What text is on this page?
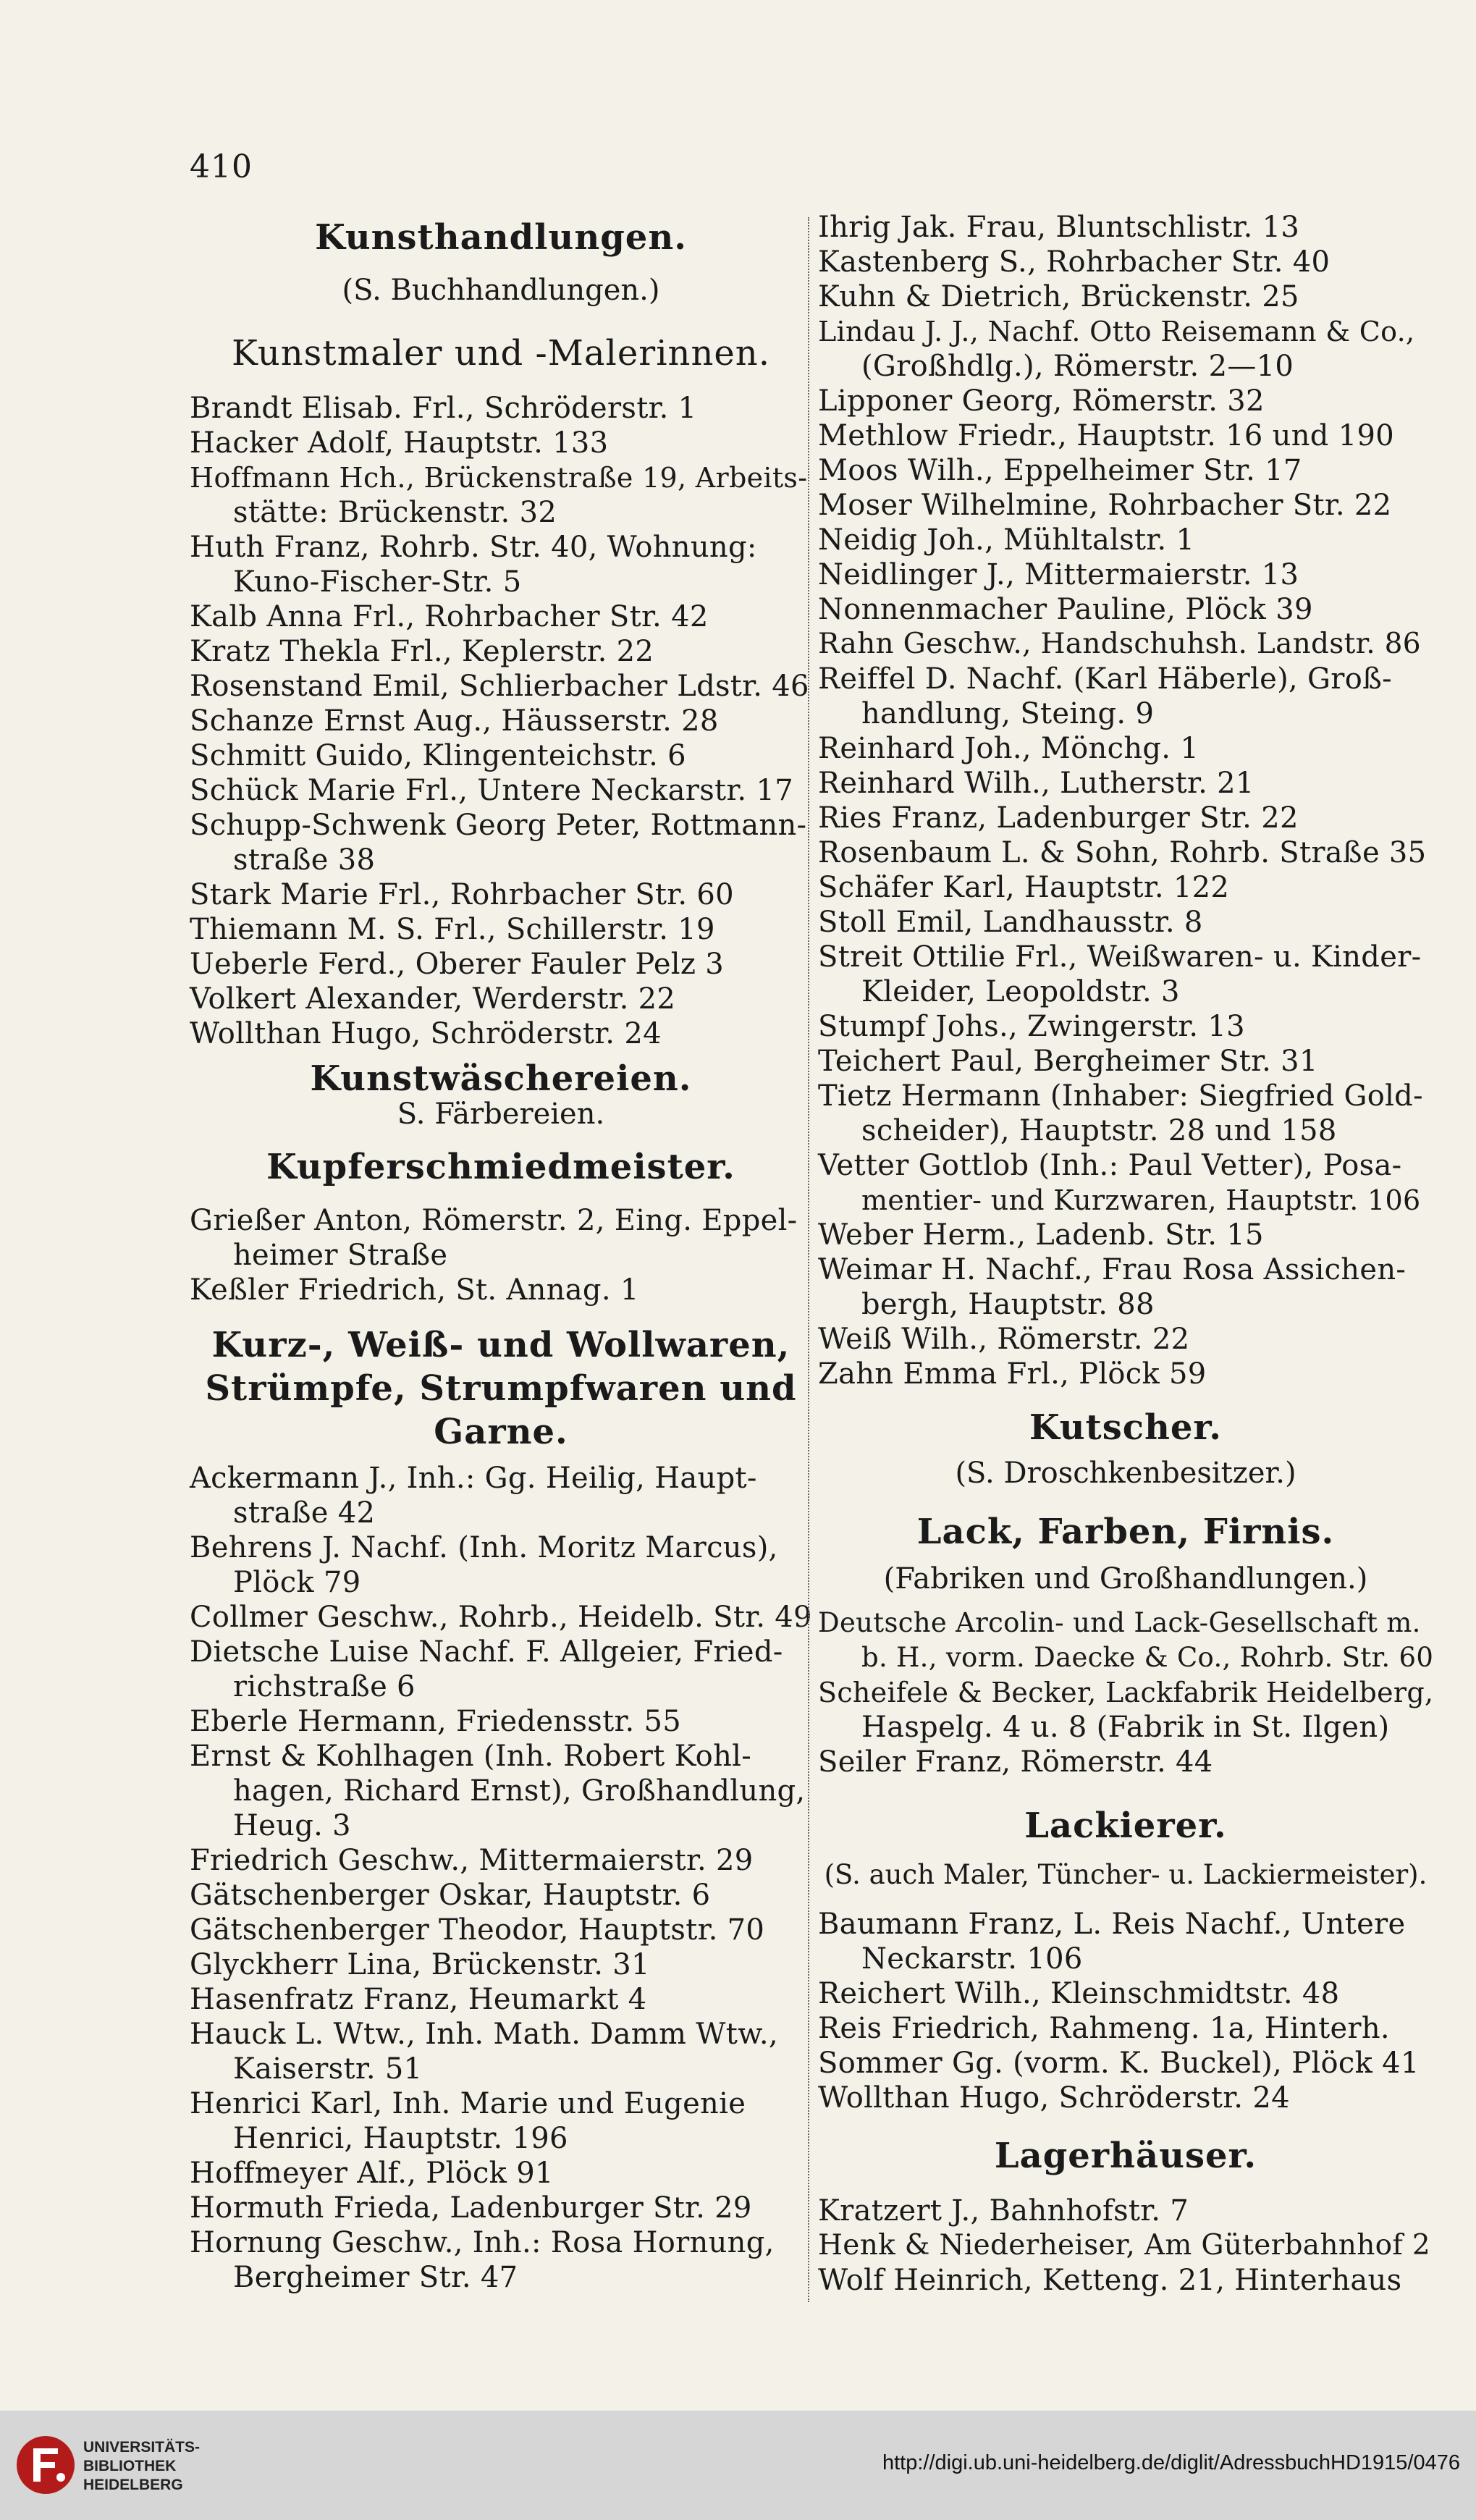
410
Kunsthandlungen.
(S. Buchhandlungen.)
Kunstmaler und -Malerinnen.
Brandt Elisab. Frl., Schröderstr. 1
Hacker Adolf, Hauptstr. 133
Hoffmann Hch., Brückenstraße 19, Arbeits-
stätte: Brückenstr. 32
Huth Franz, Rohrb. Str. 40, Wohnung:
Kuno-Fischer-Str. 5
Kalb Anna Frl., Rohrbacher Str. 42
Kratz Thekla Frl., Keplerstr. 22
Rosenstand Emil, Schlierbacher Ldstr. 46
Schanze Ernst Aug., Häusserstr. 28
Schmitt Guido, Klingenteichstr. 6
Schück Marie Frl., Untere Neckarstr. 17
Schupp-Schwenk Georg Peter, Rottmann-
straße 38
Stark Marie Frl., Rohrbacher Str. 60
Thiemann M. S. Frl., Schillerstr. 19
Ueberle Ferd., Oberer Fauler Pelz 3
Volkert Alexander, Werderstr. 22
Wollthan Hugo, Schröderstr. 24
Kunstwäschereien.
S. Färbereien.
Kupferschmiedmeister.
Grießer Anton, Römerstr. 2, Eing. Eppel-
heimer Straße
Keßler Friedrich, St. Annag. 1
Kurz-, Weiß- und Wollwaren,
Strümpfe, Strumpfwaren und
Garne.
Ackermann J., Inh.: Gg. Heilig, Haupt-
straße 42
Behrens J. Nachf. (Inh. Moritz Marcus),
Plöck 79
Collmer Geschw., Rohrb., Heidelb. Str. 49
Dietsche Luise Nachf. F. Allgeier, Fried-
richstraße 6
Eberle Hermann, Friedensstr. 55
Ernst & Kohlhagen (Inh. Robert Kohl-
hagen, Richard Ernst), Großhandlung,
Heug. 3
Friedrich Geschw., Mittermaierstr. 29
Gätschenberger Oskar, Hauptstr. 6
Gätschenberger Theodor, Hauptstr. 70
Glyckherr Lina, Brückenstr. 31
Hasenfratz Franz, Heumarkt 4
Hauck L. Wtw., Inh. Math. Damm Wtw.,
Kaiserstr. 51
Henrici Karl, Inh. Marie und Eugenie
Henrici, Hauptstr. 196
Hoffmeyer Alf., Plöck 91
Hormuth Frieda, Ladenburger Str. 29
Hornung Geschw., Inh.: Rosa Hornung,
Bergheimer Str. 47
Ihrig Jak. Frau, Bluntschlistr. 13
Kastenberg S., Rohrbacher Str. 40
Kuhn & Dietrich, Brückenstr. 25
Lindau J. J., Nachf. Otto Reisemann & Co.,
(Großhdlg.), Römerstr. 2—10
Lipponer Georg, Römerstr. 32
Methlow Friedr., Hauptstr. 16 und 190
Moos Wilh., Eppelheimer Str. 17
Moser Wilhelmine, Rohrbacher Str. 22
Neidig Joh., Mühltalstr. 1
Neidlinger J., Mittermaierstr. 13
Nonnenmacher Pauline, Plöck 39
Rahn Geschw., Handschuhsh. Landstr. 86
Reiffel D. Nachf. (Karl Häberle), Groß-
handlung, Steing. 9
Reinhard Joh., Mönchg. 1
Reinhard Wilh., Lutherstr. 21
Ries Franz, Ladenburger Str. 22
Rosenbaum L. & Sohn, Rohrb. Straße 35
Schäfer Karl, Hauptstr. 122
Stoll Emil, Landhausstr. 8
Streit Ottilie Frl., Weißwaren- u. Kinder-
Kleider, Leopoldstr. 3
Stumpf Johs., Zwingerstr. 13
Teichert Paul, Bergheimer Str. 31
Tietz Hermann (Inhaber: Siegfried Gold-
scheider), Hauptstr. 28 und 158
Vetter Gottlob (Inh.: Paul Vetter), Posa-
mentier- und Kurzwaren, Hauptstr. 106
Weber Herm., Ladenb. Str. 15
Weimar H. Nachf., Frau Rosa Assichen-
bergh, Hauptstr. 88
Weiß Wilh., Römerstr. 22
Zahn Emma Frl., Plöck 59
Kutscher.
(S. Droschkenbesitzer.)
Lack, Farben, Firnis.
(Fabriken und Großhandlungen.)
Deutsche Arcolin- und Lack-Gesellschaft m.
b. H., vorm. Daecke & Co., Rohrb. Str. 60
Scheifele & Becker, Lackfabrik Heidelberg,
Haspelg. 4 u. 8 (Fabrik in St. Ilgen)
Seiler Franz, Römerstr. 44
Lackierer.
(S. auch Maler, Tüncher- u. Lackiermeister).
Baumann Franz, L. Reis Nachf., Untere
Neckarstr. 106
Reichert Wilh., Kleinschmidtstr. 48
Reis Friedrich, Rahmeng. 1a, Hinterh.
Sommer Gg. (vorm. K. Buckel), Plöck 41
Wollthan Hugo, Schröderstr. 24
Lagerhäuser.
Kratzert J., Bahnhofstr. 7
Henk & Niederheiser, Am Güterbahnhof 2
Wolf Heinrich, Ketteng. 21, Hinterhaus
UNIVERSITÄTS-
BIBLIOTHEK
HEIDELBERG
http://digi.ub.uni-heidelberg.de/diglit/AdressbuchHD1915/0476
